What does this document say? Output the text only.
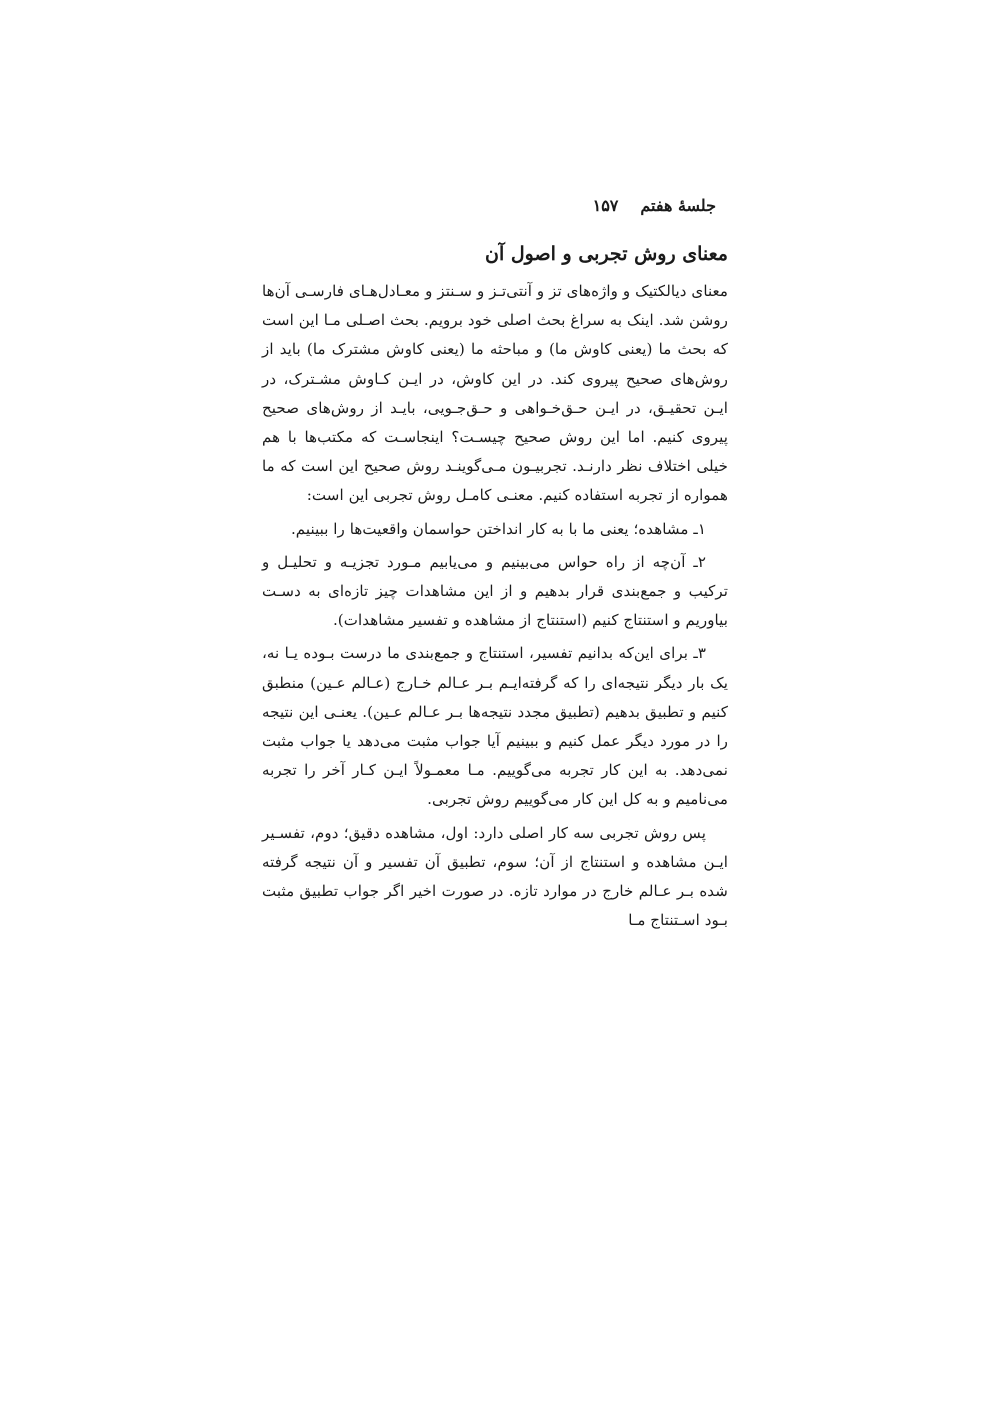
جلسهٔ هفتم
۱۵۷
معنای روش تجربی و اصول آن

معنای دیالکتیک و واژه‌های تز و آنتی‌تـز و سـنتز و معـادل‌هـای فارسـی آن‌ها روشن شد. اینک به سراغ بحث اصلی خود برویم. بحث اصـلی مـا این است که بحث ما (یعنی کاوش ما) و مباحثه ما (یعنی کاوش مشترک ما) باید از روش‌های صحیح پیروی کند. در این کاوش، در ایـن کـاوش مشـترک، در ایـن تحقیـق، در ایـن حـق‌خـواهی و حـق‌جـویی، بایـد از روش‌های صحیح پیروی کنیم. اما این روش صحیح چیسـت؟ اینجاسـت که مکتب‌ها با هم خیلی اختلاف نظر دارنـد. تجربیـون مـی‌گوینـد روش صحیح این است که ما همواره از تجربه استفاده کنیم. معنـی کامـل روش تجربی این است:

۱ـ مشاهده؛ یعنی ما با به کار انداختن حواسمان واقعیت‌ها را ببینیم.

۲ـ آن‌چه از راه حواس می‌بینیم و می‌یابیم مـورد تجزیـه و تحلیـل و ترکیب و جمع‌بندی قرار بدهیم و از این مشاهدات چیز تازه‌ای به دسـت بیاوریم و استنتاج کنیم (استنتاج از مشاهده و تفسیر مشاهدات).

۳ـ برای این‌که بدانیم تفسیر، استنتاج و جمع‌بندی ما درست بـوده یـا نه، یک بار دیگر نتیجه‌ای را که گرفته‌ایـم بـر عـالم خـارج (عـالم عـین) منطبق کنیم و تطبیق بدهیم (تطبیق مجدد نتیجه‌ها بـر عـالم عـین). یعنـی این نتیجه را در مورد دیگر عمل کنیم و ببینیم آیا جواب مثبت می‌دهد یا جواب مثبت نمی‌دهد. به این کار تجربه می‌گوییم. مـا معمـولاً ایـن کـار آخر را تجربه می‌نامیم و به کل این کار می‌گوییم روش تجربی.

پس روش تجربی سه کار اصلی دارد: اول، مشاهده دقیق؛ دوم، تفسـیر ایـن مشاهده و استنتاج از آن؛ سوم، تطبیق آن تفسیر و آن نتیجه گرفته شده بـر عـالم خارج در موارد تازه. در صورت اخیر اگر جواب تطبیق مثبت بـود اسـتنتاج مـا
